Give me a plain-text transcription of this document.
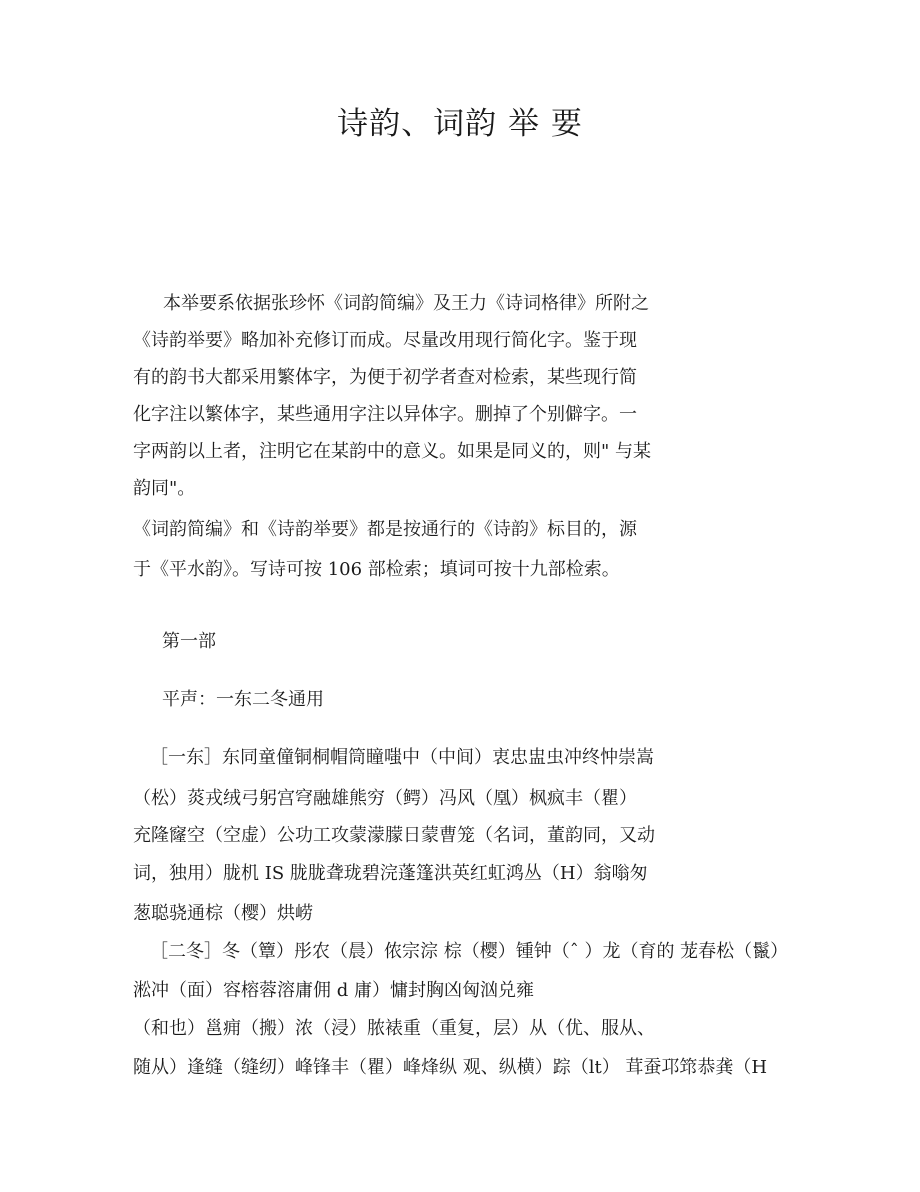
诗韵、词韵 举 要
本举要系依据张珍怀《词韵简编》及王力《诗词格律》所附之
《诗韵举要》略加补充修订而成。尽量改用现行简化字。鉴于现
有的韵书大都采用繁体字，为便于初学者查对检索，某些现行简
化字注以繁体字，某些通用字注以异体字。删掉了个别僻字。一
字两韵以上者，注明它在某韵中的意义。如果是同义的，则" 与某
韵同"。
《词韵简编》和《诗韵举要》都是按通行的《诗韵》标目的，源
于《平水韵》。写诗可按 106 部检索；填词可按十九部检索。
第一部
平声：一东二冬通用
［一东］东同童僮铜桐帽筒瞳嗤中（中间）衷忠盅虫冲终忡崇嵩
（松）菼戎绒弓躬宫穹融雄熊穷（鳄）冯风（凰）枫疯丰（瞿）
充隆窿空（空虚）公功工攻蒙濛朦日蒙曹笼（名词，董韵同，又动
词，独用）胧机 IS 胧胧聋珑碧浣蓬篷洪英红虹鸿丛（H）翁嗡匆
葱聪骁通棕（樱）烘崂
［二冬］冬（簟）彤农（晨）侬宗淙 棕（樱）锺钟（ˆ ）龙（育的 茏春松（鬣）
淞冲（面）容榕蓉溶庸佣 d 庸）慵封胸凶匈汹兑雍
（和也）邕痈（搬）浓（浸）脓裱重（重复，层）从（优、服从、
随从）逢缝（缝纫）峰锋丰（瞿）峰烽纵 观、纵横）踪（lt） 茸蚕邛筇恭龚（H
